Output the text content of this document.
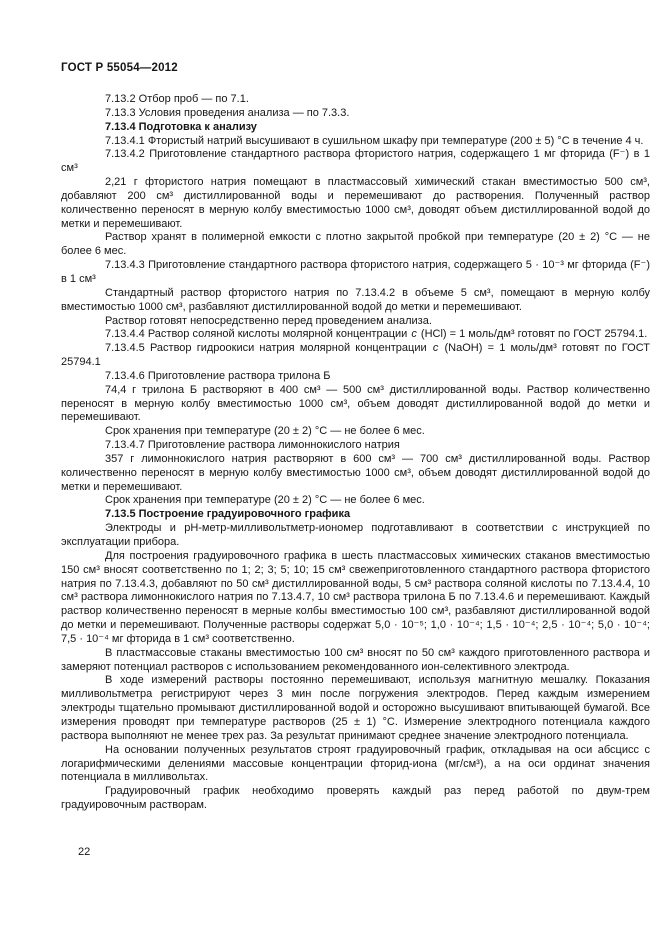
ГОСТ Р 55054—2012

7.13.2 Отбор проб — по 7.1.

7.13.3 Условия проведения анализа — по 7.3.3.

7.13.4 Подготовка к анализу

7.13.4.1 Фтористый натрий высушивают в сушильном шкафу при температуре (200 ± 5) °С в течение 4 ч.

7.13.4.2 Приготовление стандартного раствора фтористого натрия, содержащего 1 мг фторида (F⁻) в 1 см³

2,21 г фтористого натрия помещают в пластмассовый химический стакан вместимостью 500 см³, добавляют 200 см³ дистиллированной воды и перемешивают до растворения. Полученный раствор количественно переносят в мерную колбу вместимостью 1000 см³, доводят объем дистиллированной водой до метки и перемешивают.

Раствор хранят в полимерной емкости с плотно закрытой пробкой при температуре (20 ± 2) °С — не более 6 мес.

7.13.4.3 Приготовление стандартного раствора фтористого натрия, содержащего 5 · 10⁻³ мг фторида (F⁻) в 1 см³

Стандартный раствор фтористого натрия по 7.13.4.2 в объеме 5 см³, помещают в мерную колбу вместимостью 1000 см³, разбавляют дистиллированной водой до метки и перемешивают.

Раствор готовят непосредственно перед проведением анализа.

7.13.4.4 Раствор соляной кислоты молярной концентрации c (HCl) = 1 моль/дм³ готовят по ГОСТ 25794.1.

7.13.4.5 Раствор гидроокиси натрия молярной концентрации c (NaOH) = 1 моль/дм³ готовят по ГОСТ 25794.1

7.13.4.6 Приготовление раствора трилона Б

74,4 г трилона Б растворяют в 400 см³ — 500 см³ дистиллированной воды. Раствор количественно переносят в мерную колбу вместимостью 1000 см³, объем доводят дистиллированной водой до метки и перемешивают.

Срок хранения при температуре (20 ± 2) °С — не более 6 мес.

7.13.4.7 Приготовление раствора лимоннокислого натрия

357 г лимоннокислого натрия растворяют в 600 см³ — 700 см³ дистиллированной воды. Раствор количественно переносят в мерную колбу вместимостью 1000 см³, объем доводят дистиллированной водой до метки и перемешивают.

Срок хранения при температуре (20 ± 2) °С — не более 6 мес.

7.13.5 Построение градуировочного графика

Электроды и рН-метр-милливольтметр-иономер подготавливают в соответствии с инструкцией по эксплуатации прибора.

Для построения градуировочного графика в шесть пластмассовых химических стаканов вместимостью 150 см³ вносят соответственно по 1; 2; 3; 5; 10; 15 см³ свежеприготовленного стандартного раствора фтористого натрия по 7.13.4.3, добавляют по 50 см³ дистиллированной воды, 5 см³ раствора соляной кислоты по 7.13.4.4, 10 см³ раствора лимоннокислого натрия по 7.13.4.7, 10 см³ раствора трилона Б по 7.13.4.6 и перемешивают. Каждый раствор количественно переносят в мерные колбы вместимостью 100 см³, разбавляют дистиллированной водой до метки и перемешивают. Полученные растворы содержат 5,0 · 10⁻⁵; 1,0 · 10⁻⁴; 1,5 · 10⁻⁴; 2,5 · 10⁻⁴; 5,0 · 10⁻⁴; 7,5 · 10⁻⁴ мг фторида в 1 см³ соответственно.

В пластмассовые стаканы вместимостью 100 см³ вносят по 50 см³ каждого приготовленного раствора и замеряют потенциал растворов с использованием рекомендованного ион-селективного электрода.

В ходе измерений растворы постоянно перемешивают, используя магнитную мешалку. Показания милливольтметра регистрируют через 3 мин после погружения электродов. Перед каждым измерением электроды тщательно промывают дистиллированной водой и осторожно высушивают впитывающей бумагой. Все измерения проводят при температуре растворов (25 ± 1) °С. Измерение электродного потенциала каждого раствора выполняют не менее трех раз. За результат принимают среднее значение электродного потенциала.

На основании полученных результатов строят градуировочный график, откладывая на оси абсцисс с логарифмическими делениями массовые концентрации фторид-иона (мг/см³), а на оси ординат значения потенциала в милливольтах.

Градуировочный график необходимо проверять каждый раз перед работой по двум-трем градуировочным растворам.

22
